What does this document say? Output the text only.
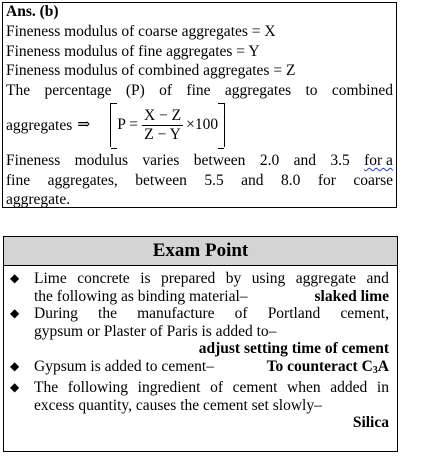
Ans. (b)
Fineness modulus of coarse aggregates = X
Fineness modulus of fine aggregates = Y
Fineness modulus of combined aggregates = Z
The percentage (P) of fine aggregates to combined
aggregates ⇒ $P = \frac{X - Z}{Z - Y} \times 100$
Fineness modulus varies between 2.0 and 3.5 for a
fine aggregates, between 5.5 and 8.0 for coarse
aggregate.
Exam Point
◆ Lime concrete is prepared by using aggregate and
the following as binding material–	slaked lime
◆ During the manufacture of Portland cement,
gypsum or Plaster of Paris is added to–
adjust setting time of cement
◆ Gypsum is added to cement–	To counteract $C_3A$
◆ The following ingredient of cement when added in
excess quantity, causes the cement set slowly–
Silica
